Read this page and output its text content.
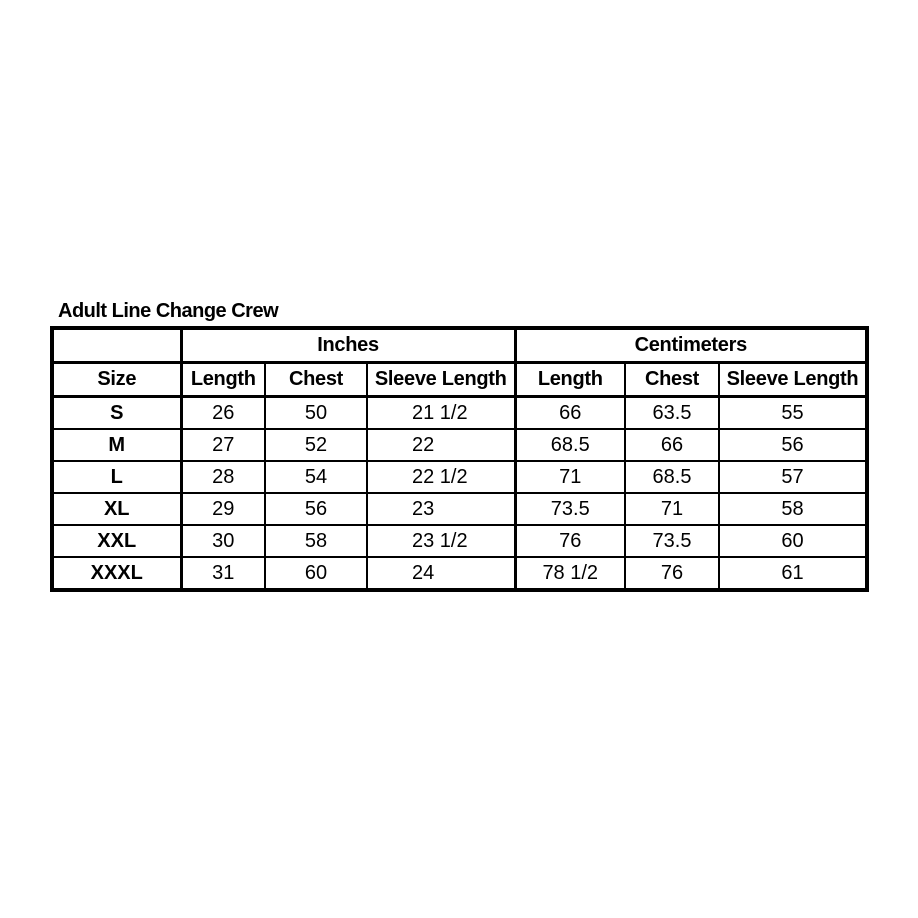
Adult Line Change Crew
	Inches			Centimeters		
Size	Length	Chest	Sleeve Length	Length	Chest	Sleeve Length
S	26	50	21 1/2	66	63.5	55
M	27	52	22	68.5	66	56
L	28	54	22 1/2	71	68.5	57
XL	29	56	23	73.5	71	58
XXL	30	58	23 1/2	76	73.5	60
XXXL	31	60	24	78 1/2	76	61
